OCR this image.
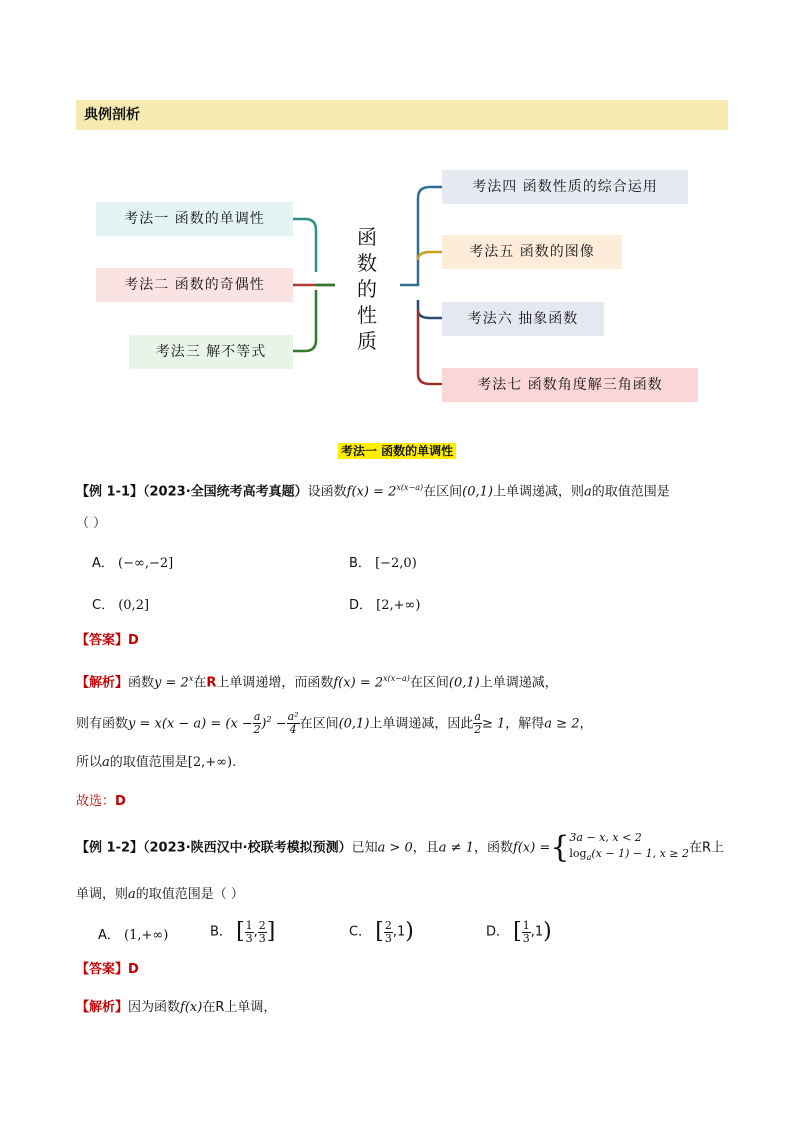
典例剖析
考法一 函数的单调性
考法二 函数的奇偶性
考法三 解不等式
函
数
的
性
质
考法四 函数性质的综合运用
考法五 函数的图像
考法六 抽象函数
考法七 函数角度解三角函数
考法一 函数的单调性
【例 1-1】（2023·全国统考高考真题）设函数$f(x) = 2^{x(x-a)}$在区间(0,1)上单调递减，则a的取值范围是
（ ）
A． (−∞,−2]	B． [−2,0)
C． (0,2]	D． [2,+∞)
【答案】D
【解析】函数$y = 2^x$在R上单调递增，而函数$f(x) = 2^{x(x-a)}$在区间(0,1)上单调递减，
则有函数$y = x(x - a) = (x - \frac{a}{2} )^2 - \frac{\text{a²}}{4}$ 在区间(0,1)上单调递减，因此 $\frac{a}{2} \ge 1$，解得a ≥ 2，
所以a的取值范围是[2,+∞).
故选：D
【例 1-2】（2023·陕西汉中·校联考模拟预测）已知a > 0，且a ≠ 1，函数f(x) ={ 3a − x, x < 2
$\log_a(x - 1) - 1$, x ≥ 2 在R上
单调，则a的取值范围是（ ）
A． (1,+∞)	B． [ $\frac{1}{3}$ , $\frac{2}{3}$ ]	C． [ $\frac{2}{3} ,1$)	D． [ $\frac{1}{3} ,1$)
【答案】D
【解析】因为函数f(x)在R上单调，
